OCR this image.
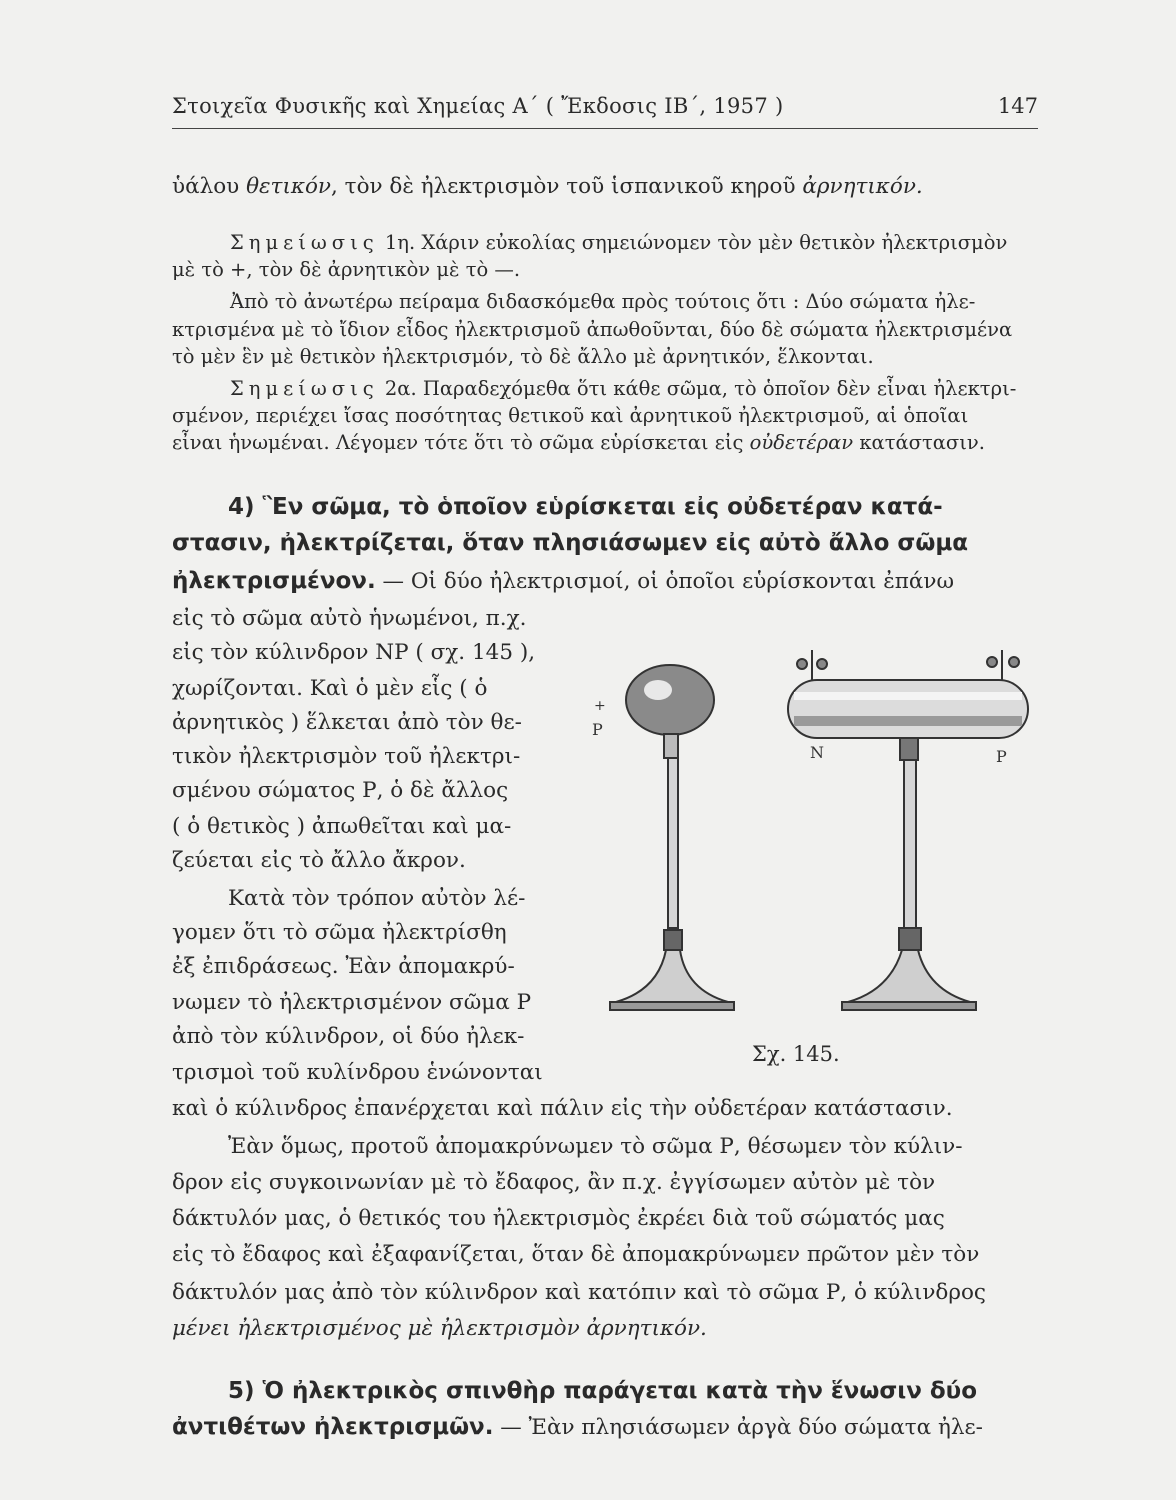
Στοιχεῖα Φυσικῆς καὶ Χημείας Α΄ ( Ἔκδοσις ΙΒ΄, 1957 )	147
ὑάλου θετικόν, τὸν δὲ ἠλεκτρισμὸν τοῦ ἱσπανικοῦ κηροῦ ἀρνητικόν.
Σημείωσις 1η. Χάριν εὐκολίας σημειώνομεν τὸν μὲν θετικὸν ἠλεκτρισμὸν
μὲ τὸ +, τὸν δὲ ἀρνητικὸν μὲ τὸ —.
Ἀπὸ τὸ ἀνωτέρω πείραμα διδασκόμεθα πρὸς τούτοις ὅτι : Δύο σώματα ἠλε-
κτρισμένα μὲ τὸ ἴδιον εἶδος ἠλεκτρισμοῦ ἀπωθοῦνται, δύο δὲ σώματα ἠλεκτρισμένα
τὸ μὲν ἓν μὲ θετικὸν ἠλεκτρισμόν, τὸ δὲ ἄλλο μὲ ἀρνητικόν, ἕλκονται.
Σημείωσις 2α. Παραδεχόμεθα ὅτι κάθε σῶμα, τὸ ὁποῖον δὲν εἶναι ἠλεκτρι-
σμένον, περιέχει ἴσας ποσότητας θετικοῦ καὶ ἀρνητικοῦ ἠλεκτρισμοῦ, αἱ ὁποῖαι
εἶναι ἡνωμέναι. Λέγομεν τότε ὅτι τὸ σῶμα εὑρίσκεται εἰς οὐδετέραν κατάστασιν.
4) Ἓν σῶμα, τὸ ὁποῖον εὑρίσκεται εἰς οὐδετέραν κατά-
στασιν, ἠλεκτρίζεται, ὅταν πλησιάσωμεν εἰς αὐτὸ ἄλλο σῶμα
ἠλεκτρισμένον. — Οἱ δύο ἠλεκτρισμοί, οἱ ὁποῖοι εὑρίσκονται ἐπάνω
εἰς τὸ σῶμα αὐτὸ ἡνωμένοι, π.χ.
εἰς τὸν κύλινδρον ΝΡ ( σχ. 145 ),
χωρίζονται. Καὶ ὁ μὲν εἷς ( ὁ
ἀρνητικὸς ) ἕλκεται ἀπὸ τὸν θε-
τικὸν ἠλεκτρισμὸν τοῦ ἠλεκτρι-
σμένου σώματος Ρ, ὁ δὲ ἄλλος
( ὁ θετικὸς ) ἀπωθεῖται καὶ μα-
ζεύεται εἰς τὸ ἄλλο ἄκρον.
Κατὰ τὸν τρόπον αὐτὸν λέ-
γομεν ὅτι τὸ σῶμα ἠλεκτρίσθη
ἐξ ἐπιδράσεως. Ἐὰν ἀπομακρύ-
νωμεν τὸ ἠλεκτρισμένον σῶμα Ρ
ἀπὸ τὸν κύλινδρον, οἱ δύο ἠλεκ-
τρισμοὶ τοῦ κυλίνδρου ἑνώνονται
καὶ ὁ κύλινδρος ἐπανέρχεται καὶ πάλιν εἰς τὴν οὐδετέραν κατάστασιν.
Ἐὰν ὅμως, προτοῦ ἀπομακρύνωμεν τὸ σῶμα Ρ, θέσωμεν τὸν κύλιν-
δρον εἰς συγκοινωνίαν μὲ τὸ ἔδαφος, ἂν π.χ. ἐγγίσωμεν αὐτὸν μὲ τὸν
δάκτυλόν μας, ὁ θετικός του ἠλεκτρισμὸς ἐκρέει διὰ τοῦ σώματός μας
εἰς τὸ ἔδαφος καὶ ἐξαφανίζεται, ὅταν δὲ ἀπομακρύνωμεν πρῶτον μὲν τὸν
δάκτυλόν μας ἀπὸ τὸν κύλινδρον καὶ κατόπιν καὶ τὸ σῶμα Ρ, ὁ κύλινδρος
μένει ἠλεκτρισμένος μὲ ἠλεκτρισμὸν ἀρνητικόν.
5) Ὁ ἠλεκτρικὸς σπινθὴρ παράγεται κατὰ τὴν ἕνωσιν δύο
ἀντιθέτων ἠλεκτρισμῶν. — Ἐὰν πλησιάσωμεν ἀργὰ δύο σώματα ἠλε-
P
+
N	P
Σχ. 145.
